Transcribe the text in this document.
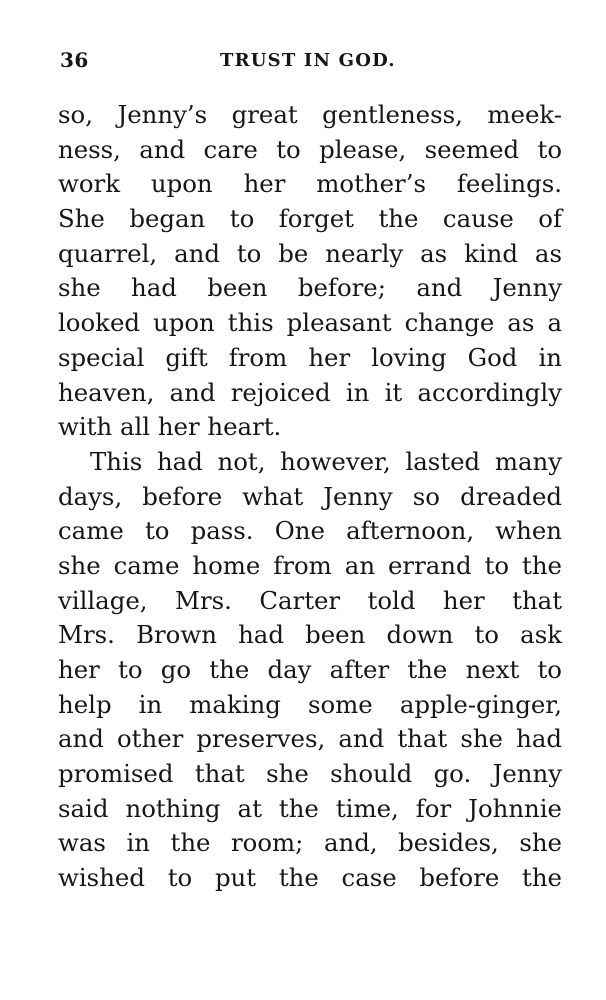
36	TRUST IN GOD.
so, Jenny’s great gentleness, meek-
ness, and care to please, seemed to
work upon her mother’s feelings.
She began to forget the cause of
quarrel, and to be nearly as kind as
she had been before; and Jenny
looked upon this pleasant change as a
special gift from her loving God in
heaven, and rejoiced in it accordingly
with all her heart.
This had not, however, lasted many
days, before what Jenny so dreaded
came to pass. One afternoon, when
she came home from an errand to the
village, Mrs. Carter told her that
Mrs. Brown had been down to ask
her to go the day after the next to
help in making some apple-ginger,
and other preserves, and that she had
promised that she should go. Jenny
said nothing at the time, for Johnnie
was in the room; and, besides, she
wished to put the case before the
